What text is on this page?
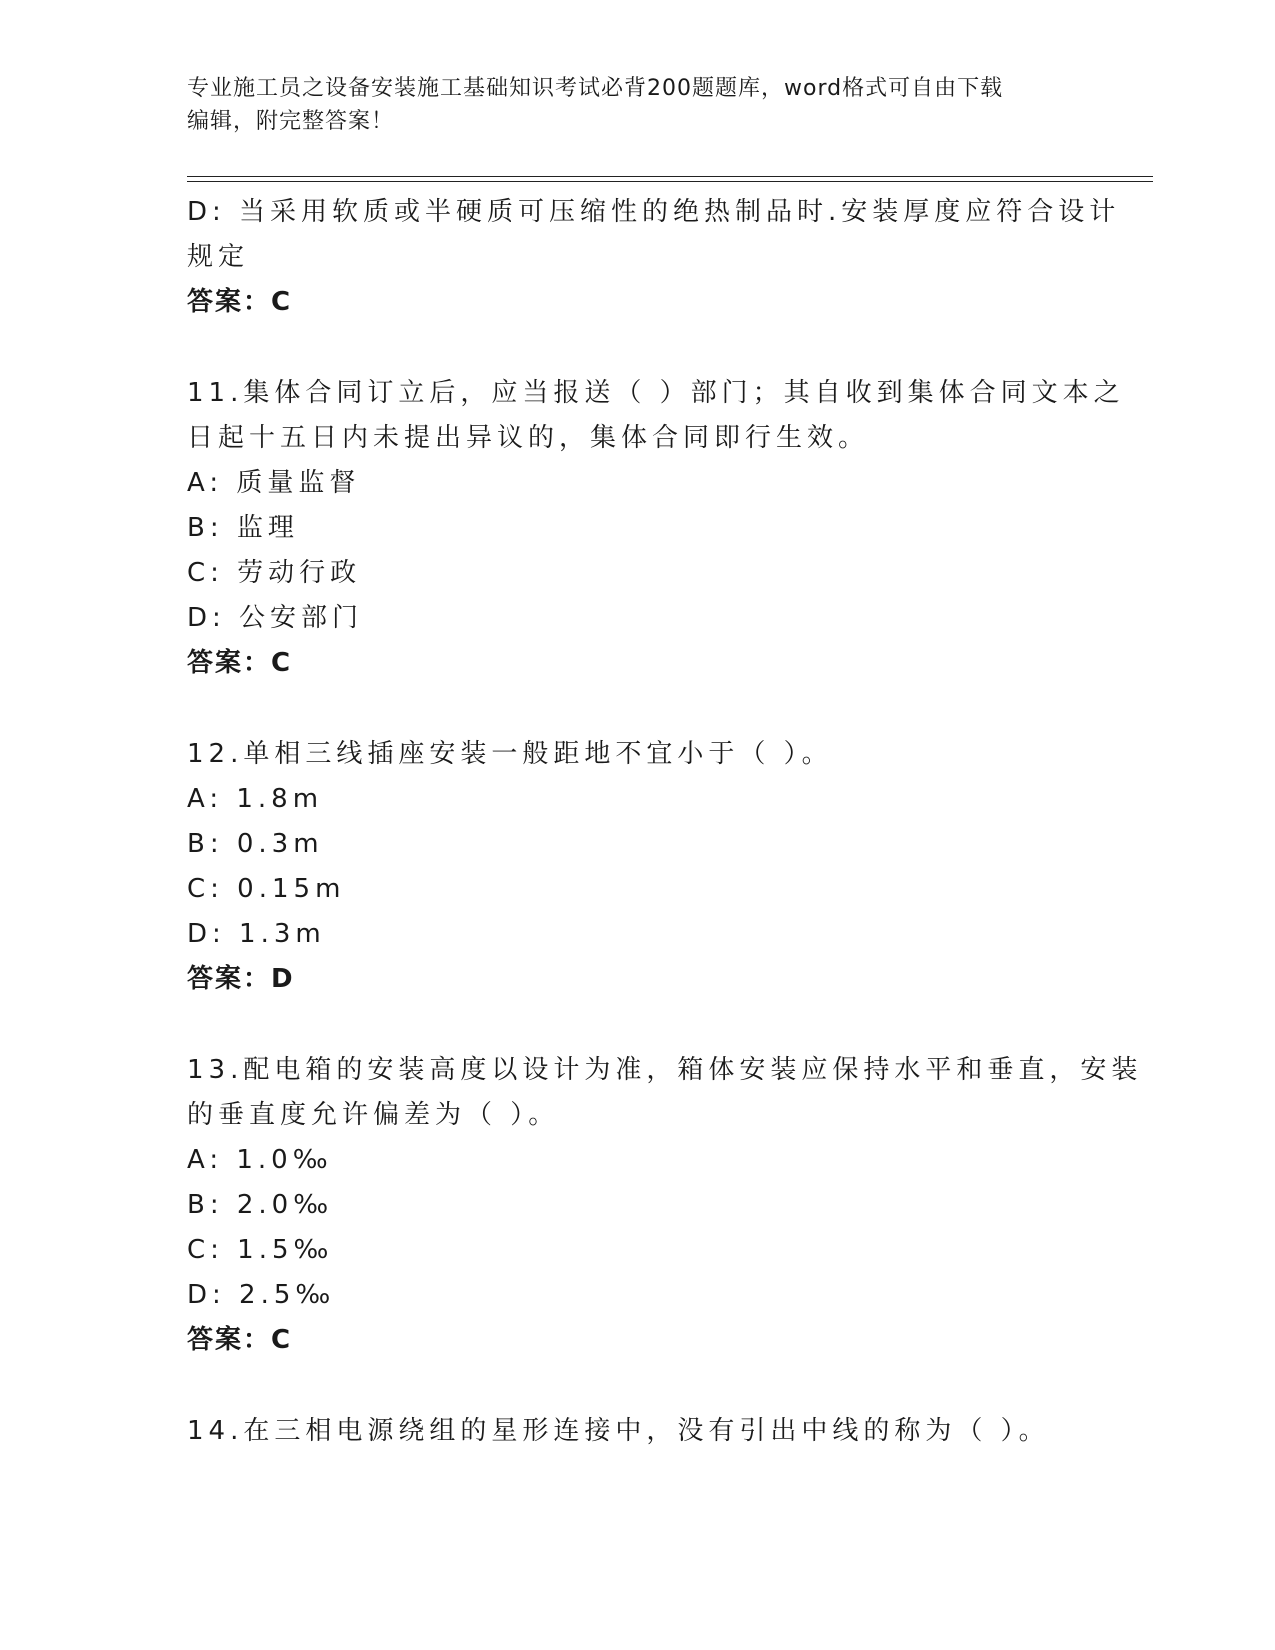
专业施工员之设备安装施工基础知识考试必背200题题库，word格式可自由下载
编辑，附完整答案！
D: 当采用软质或半硬质可压缩性的绝热制品时.安装厚度应符合设计
规定
答案：C
11.集体合同订立后，应当报送（ ）部门；其自收到集体合同文本之
日起十五日内未提出异议的，集体合同即行生效。
A: 质量监督
B: 监理
C: 劳动行政
D: 公安部门
答案：C
12.单相三线插座安装一般距地不宜小于（ ）。
A: 1.8m
B: 0.3m
C: 0.15m
D: 1.3m
答案：D
13.配电箱的安装高度以设计为准，箱体安装应保持水平和垂直，安装
的垂直度允许偏差为（ ）。
A: 1.0‰
B: 2.0‰
C: 1.5‰
D: 2.5‰
答案：C
14.在三相电源绕组的星形连接中，没有引出中线的称为（ ）。
